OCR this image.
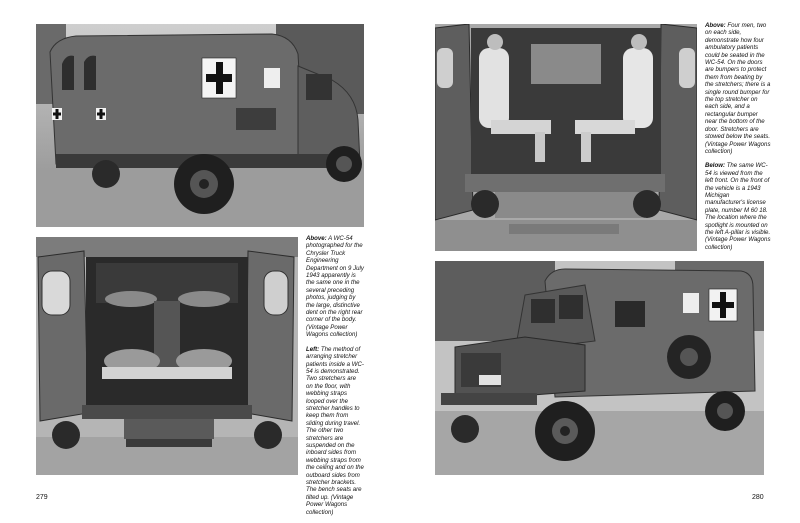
Above: Four men, two on each side, demonstrate how four ambulatory patients could be seated in the WC-54. On the doors are bumpers to protect them from beating by the stretchers; there is a single round bumper for the top stretcher on each side, and a rectangular bumper near the bottom of the door. Stretchers are stowed below the seats. (Vintage Power Wagons collection)

Below: The same WC-54 is viewed from the left front. On the front of the vehicle is a 1943 Michigan manufacturer's license plate, number M 60 18. The location where the spotlight is mounted on the left A-pillar is visible. (Vintage Power Wagons collection)

Above: A WC-54 photographed for the Chrysler Truck Engineering Department on 9 July 1943 apparently is the same one in the several preceding photos, judging by the large, distinctive dent on the right rear corner of the body. (Vintage Power Wagons collection)

Left: The method of arranging stretcher patients inside a WC-54 is demonstrated. Two stretchers are on the floor, with webbing straps looped over the stretcher handles to keep them from sliding during travel. The other two stretchers are suspended on the inboard sides from webbing straps from the ceiling and on the outboard sides from stretcher brackets. The bench seats are tilted up. (Vintage Power Wagons collection)

279	280
